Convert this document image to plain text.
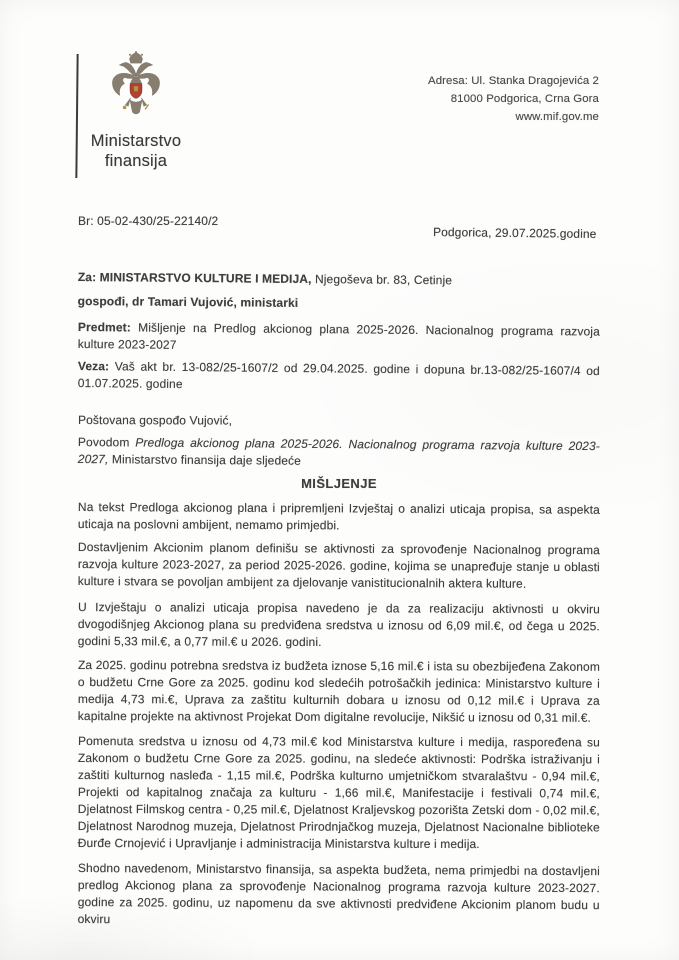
Ministarstvo
finansija
Adresa: Ul. Stanka Dragojevića 2
81000 Podgorica, Crna Gora
www.mif.gov.me
Br: 05-02-430/25-22140/2
Podgorica, 29.07.2025.godine
Za: MINISTARSTVO KULTURE I MEDIJA, Njegoševa br. 83, Cetinje
gospođi, dr Tamari Vujović, ministarki

Predmet: Mišljenje na Predlog akcionog plana 2025-2026. Nacionalnog programa razvoja kulture 2023-2027

Veza: Vaš akt br. 13-082/25-1607/2 od 29.04.2025. godine i dopuna br.13-082/25-1607/4 od 01.07.2025. godine

Poštovana gospođo Vujović,

Povodom Predloga akcionog plana 2025-2026. Nacionalnog programa razvoja kulture 2023-2027, Ministarstvo finansija daje sljedeće

MIŠLJENJE

Na tekst Predloga akcionog plana i pripremljeni Izvještaj o analizi uticaja propisa, sa aspekta uticaja na poslovni ambijent, nemamo primjedbi.

Dostavljenim Akcionim planom definišu se aktivnosti za sprovođenje Nacionalnog programa razvoja kulture 2023-2027, za period 2025-2026. godine, kojima se unapređuje stanje u oblasti kulture i stvara se povoljan ambijent za djelovanje vanistitucionalnih aktera kulture.

U Izvještaju o analizi uticaja propisa navedeno je da za realizaciju aktivnosti u okviru dvogodišnjeg Akcionog plana su predviđena sredstva u iznosu od 6,09 mil.€, od čega u 2025. godini 5,33 mil.€, a 0,77 mil.€ u 2026. godini.

Za 2025. godinu potrebna sredstva iz budžeta iznose 5,16 mil.€ i ista su obezbijeđena Zakonom o budžetu Crne Gore za 2025. godinu kod sledećih potrošačkih jedinica: Ministarstvo kulture i medija 4,73 mi.€, Uprava za zaštitu kulturnih dobara u iznosu od 0,12 mil.€ i Uprava za kapitalne projekte na aktivnost Projekat Dom digitalne revolucije, Nikšić u iznosu od 0,31 mil.€.

Pomenuta sredstva u iznosu od 4,73 mil.€ kod Ministarstva kulture i medija, raspoređena su Zakonom o budžetu Crne Gore za 2025. godinu, na sledeće aktivnosti: Podrška istraživanju i zaštiti kulturnog nasleđa - 1,15 mil.€, Podrška kulturno umjetničkom stvaralaštvu - 0,94 mil.€, Projekti od kapitalnog značaja za kulturu - 1,66 mil.€, Manifestacije i festivali 0,74 mil.€, Djelatnost Filmskog centra - 0,25 mil.€, Djelatnost Kraljevskog pozorišta Zetski dom - 0,02 mil.€, Djelatnost Narodnog muzeja, Djelatnost Prirodnjačkog muzeja, Djelatnost Nacionalne biblioteke Đurđe Crnojević i Upravljanje i administracija Ministarstva kulture i medija.

Shodno navedenom, Ministarstvo finansija, sa aspekta budžeta, nema primjedbi na dostavljeni predlog Akcionog plana za sprovođenje Nacionalnog programa razvoja kulture 2023-2027. godine za 2025. godinu, uz napomenu da sve aktivnosti predviđene Akcionim planom budu u okviru
